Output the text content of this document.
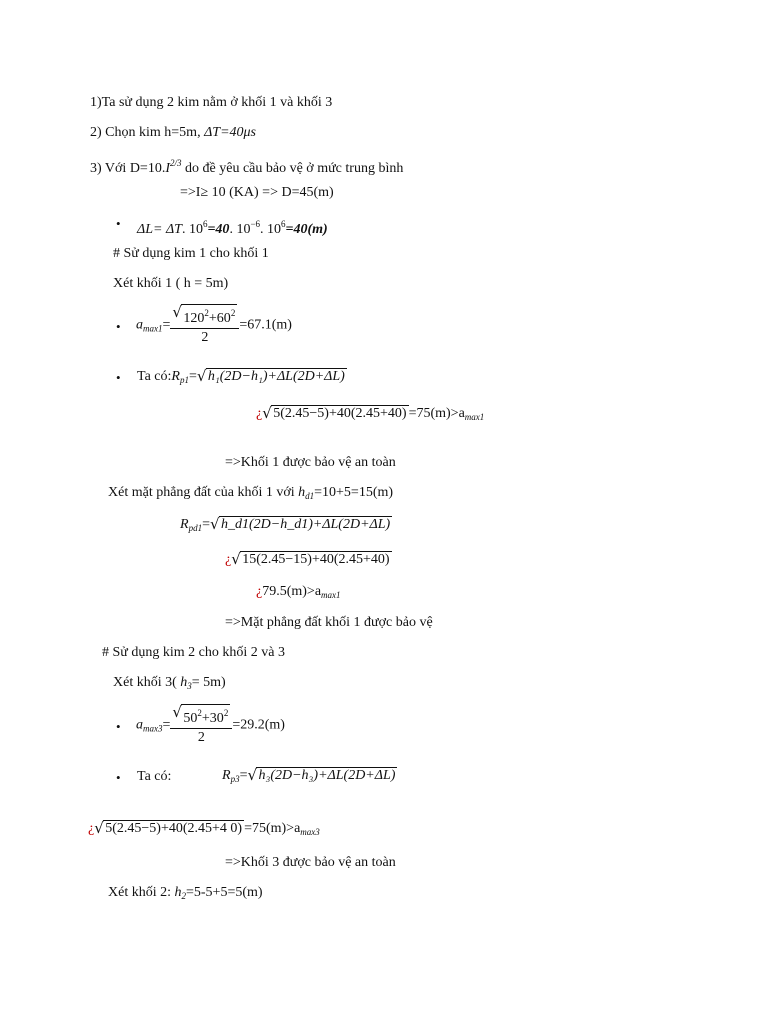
1)Ta sử dụng 2 kim nằm ở khối 1 và khối 3
2) Chọn kim h=5m, ΔT=40μs
3) Với $D=10.I^{2/3}$ do đề yêu cầu bảo vệ ở mức trung bình
=>I≥ 10 (KA) => D=45(m)
• ΔL= ΔT. $10^6=40$. $10^{-6}$. $10^6=40(m)$
# Sử dụng kim 1 cho khối 1
Xét khối 1 ( h = 5m)
• $a_{max1}=$
√ $\frac{120^2+60^2}{2} =67.1(m)$
• Ta $có:R_{p1}=√$ h₁(2D−h₁)+ΔL(2D+ΔL)
¿√ $5(2.45-5)+40(2.45+40) =75(m)>a_{max1}$
=>Khối 1 được bảo vệ an toàn
Xét mặt phẳng đất của khối 1 với $h_{d1}=10+5=15(m)$
$R_{pd1}=√$ h_d1(2D−h_d1)+ΔL(2D+ΔL)
¿√ 15(2.45−15)+40(2.45+40)
¿$79.5(m)>a_{max1}$
=>Mặt phẳng đất khối 1 được bảo vệ
# Sử dụng kim 2 cho khối 2 và 3
Xét khối 3( $h_3= 5m$)
• $a_{max3}=$
√ $\frac{50^2+30^2}{2} =29.2(m)$
• Ta có:	$R_{p3}=√$ h₃(2D−h₃)+ΔL(2D+ΔL)
¿√ 5(2.45−5)+40(2.45+4 $0) =75(m)>a_{max3}$
=>Khối 3 được bảo vệ an toàn
Xét khối 2: $h_2=5-5+5=5(m)$
